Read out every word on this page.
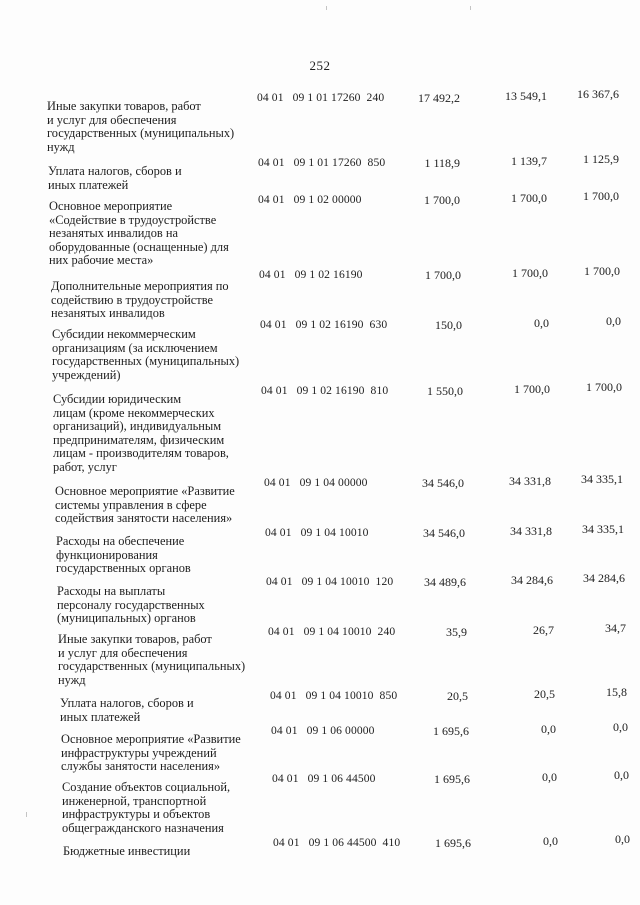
252
Иные закупки товаров, работ
и услуг для обеспечения
государственных (муниципальных)
нужд
04 01   09 1 01 17260  240	17 492,2	13 549,1	16 367,6
Уплата налогов, сборов и
иных платежей
04 01   09 1 01 17260  850	1 118,9	1 139,7	1 125,9
Основное мероприятие
«Содействие в трудоустройстве
незанятых инвалидов на
оборудованные (оснащенные) для
них рабочие места»
04 01   09 1 02 00000	1 700,0	1 700,0	1 700,0
Дополнительные мероприятия по
содействию в трудоустройстве
незанятых инвалидов
04 01   09 1 02 16190	1 700,0	1 700,0	1 700,0
Субсидии некоммерческим
организациям (за исключением
государственных (муниципальных)
учреждений)
04 01   09 1 02 16190  630	150,0	0,0	0,0
Субсидии юридическим
лицам (кроме некоммерческих
организаций), индивидуальным
предпринимателям, физическим
лицам - производителям товаров,
работ, услуг
04 01   09 1 02 16190  810	1 550,0	1 700,0	1 700,0
Основное мероприятие «Развитие
системы управления в сфере
содействия занятости населения»
04 01   09 1 04 00000	34 546,0	34 331,8	34 335,1
Расходы на обеспечение
функционирования
государственных органов
04 01   09 1 04 10010	34 546,0	34 331,8	34 335,1
Расходы на выплаты
персоналу государственных
(муниципальных) органов
04 01   09 1 04 10010  120	34 489,6	34 284,6	34 284,6
Иные закупки товаров, работ
и услуг для обеспечения
государственных (муниципальных)
нужд
04 01   09 1 04 10010  240	35,9	26,7	34,7
Уплата налогов, сборов и
иных платежей
04 01   09 1 04 10010  850	20,5	20,5	15,8
Основное мероприятие «Развитие
инфраструктуры учреждений
службы занятости населения»
04 01   09 1 06 00000	1 695,6	0,0	0,0
Создание объектов социальной,
инженерной, транспортной
инфраструктуры и объектов
общегражданского назначения
04 01   09 1 06 44500	1 695,6	0,0	0,0
Бюджетные инвестиции
04 01   09 1 06 44500  410	1 695,6	0,0	0,0
